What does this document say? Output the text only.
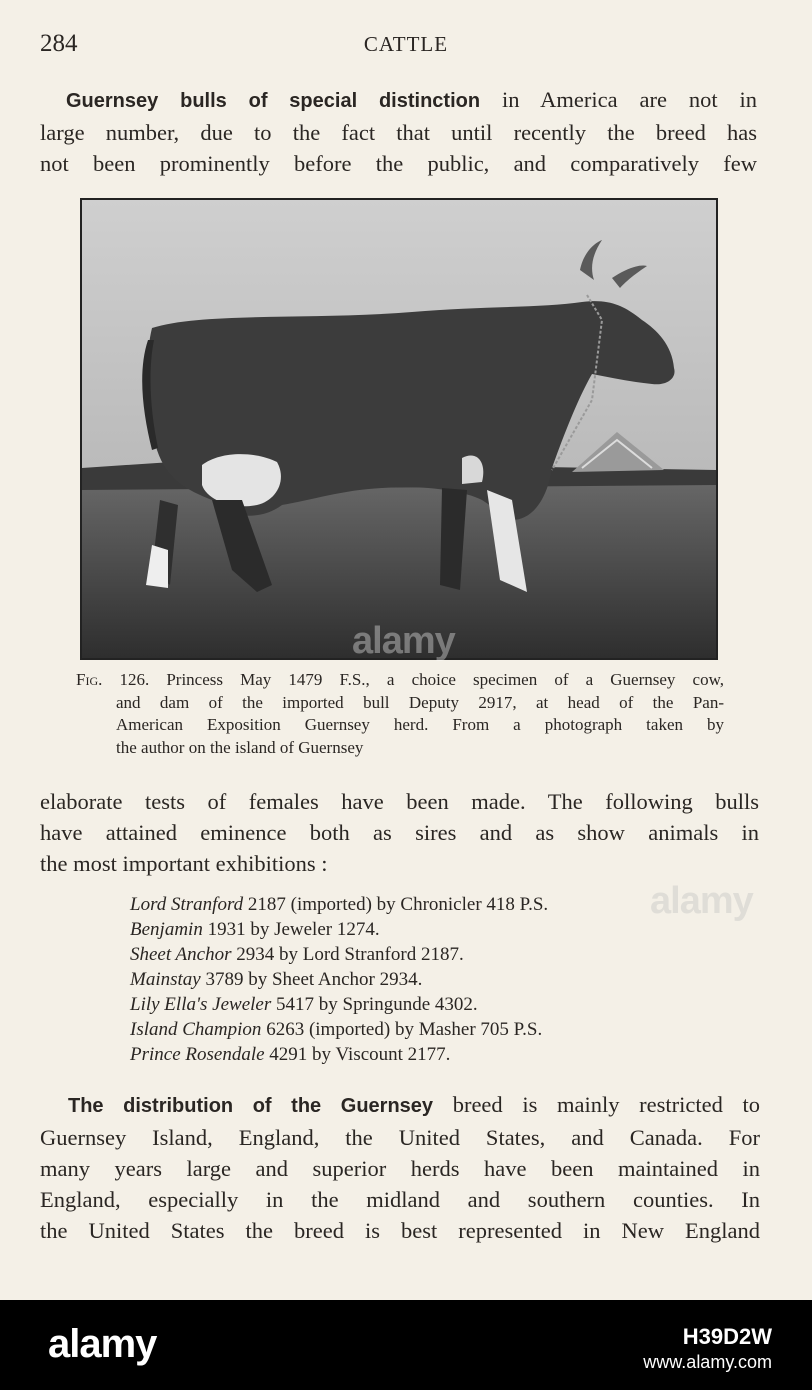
284	CATTLE
Guernsey bulls of special distinction in America are not in
large number, due to the fact that until recently the breed has
not been prominently before the public, and comparatively few
Fig. 126. Princess May 1479 F.S., a choice specimen of a Guernsey cow,
and dam of the imported bull Deputy 2917, at head of the Pan-
American Exposition Guernsey herd. From a photograph taken by
the author on the island of Guernsey
elaborate tests of females have been made. The following bulls
have attained eminence both as sires and as show animals in
the most important exhibitions :
Lord Stranford 2187 (imported) by Chronicler 418 P.S.
Benjamin 1931 by Jeweler 1274.
Sheet Anchor 2934 by Lord Stranford 2187.
Mainstay 3789 by Sheet Anchor 2934.
Lily Ella's Jeweler 5417 by Springunde 4302.
Island Champion 6263 (imported) by Masher 705 P.S.
Prince Rosendale 4291 by Viscount 2177.
The distribution of the Guernsey breed is mainly restricted to
Guernsey Island, England, the United States, and Canada. For
many years large and superior herds have been maintained in
England, especially in the midland and southern counties. In
the United States the breed is best represented in New England
alamy
alamy
alamy	H39D2W
www.alamy.com
